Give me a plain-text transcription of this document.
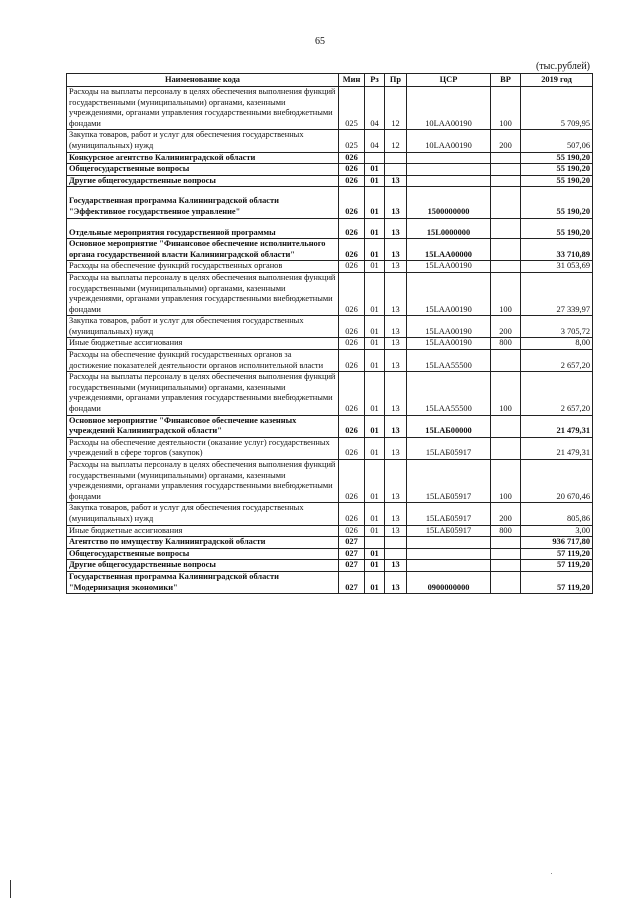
65
(тыс.рублей)
Наименование кода	Мин	Рз	Пр	ЦСР	ВР	2019 год
Расходы на выплаты персоналу в целях обеспечения выполнения функций государственными (муниципальными) органами, казенными учреждениями, органами управления государственными внебюджетными фондами	025	04	12	10LAA00190	100	5 709,95
Закупка товаров, работ и услуг для обеспечения государственных (муниципальных) нужд	025	04	12	10LAA00190	200	507,06
Конкурсное агентство Калининградской области	026					55 190,20
Общегосударственные вопросы	026	01				55 190,20
Другие общегосударственные вопросы	026	01	13			55 190,20
Государственная программа Калининградской области "Эффективное государственное управление"	026	01	13	1500000000		55 190,20
Отдельные мероприятия государственной программы	026	01	13	15L0000000		55 190,20
Основное мероприятие "Финансовое обеспечение исполнительного органа государственной власти Калининградской области"	026	01	13	15LAA00000		33 710,89
Расходы на обеспечение функций государственных органов	026	01	13	15LAA00190		31 053,69
Расходы на выплаты персоналу в целях обеспечения выполнения функций государственными (муниципальными) органами, казенными учреждениями, органами управления государственными внебюджетными фондами	026	01	13	15LAA00190	100	27 339,97
Закупка товаров, работ и услуг для обеспечения государственных (муниципальных) нужд	026	01	13	15LAA00190	200	3 705,72
Иные бюджетные ассигнования	026	01	13	15LAA00190	800	8,00
Расходы на обеспечение функций государственных органов за достижение показателей деятельности органов исполнительной власти	026	01	13	15LAA55500		2 657,20
Расходы на выплаты персоналу в целях обеспечения выполнения функций государственными (муниципальными) органами, казенными учреждениями, органами управления государственными внебюджетными фондами	026	01	13	15LAA55500	100	2 657,20
Основное мероприятие "Финансовое обеспечение казенных учреждений Калининградской области"	026	01	13	15LAБ00000		21 479,31
Расходы на обеспечение деятельности (оказание услуг) государственных учреждений в сфере торгов (закупок)	026	01	13	15LAБ05917		21 479,31
Расходы на выплаты персоналу в целях обеспечения выполнения функций государственными (муниципальными) органами, казенными учреждениями, органами управления государственными внебюджетными фондами	026	01	13	15LAБ05917	100	20 670,46
Закупка товаров, работ и услуг для обеспечения государственных (муниципальных) нужд	026	01	13	15LAБ05917	200	805,86
Иные бюджетные ассигнования	026	01	13	15LAБ05917	800	3,00
Агентство по имуществу Калининградской области	027					936 717,80
Общегосударственные вопросы	027	01				57 119,20
Другие общегосударственные вопросы	027	01	13			57 119,20
Государственная программа Калининградской области "Модернизация экономики"	027	01	13	0900000000		57 119,20
